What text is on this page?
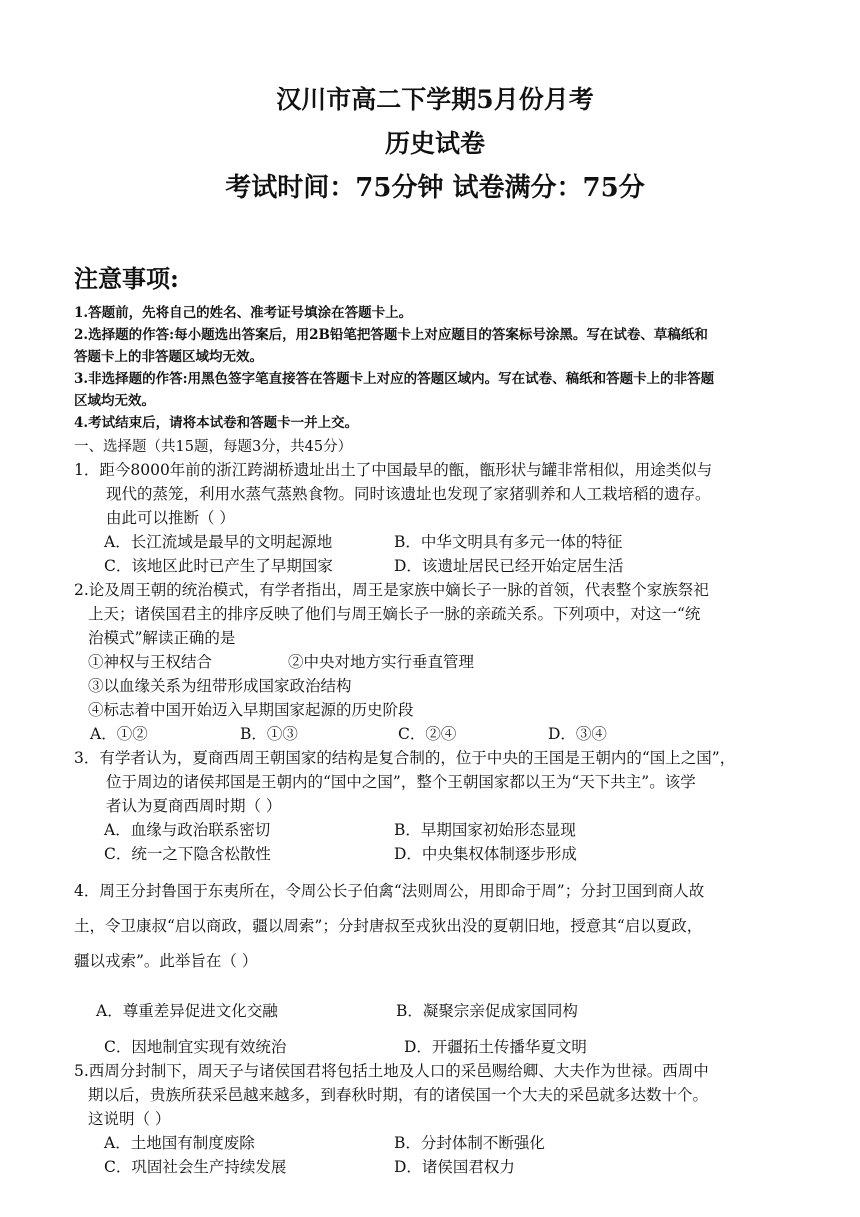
汉川市高二下学期5月份月考

历史试卷

考试时间：75分钟 试卷满分：75分

注意事项:

1.答题前，先将自己的姓名、准考证号填涂在答题卡上。

2.选择题的作答:每小题选出答案后，用2B铅笔把答题卡上对应题目的答案标号涂黑。写在试卷、草稿纸和

答题卡上的非答题区域均无效。

3.非选择题的作答:用黑色签字笔直接答在答题卡上对应的答题区域内。写在试卷、稿纸和答题卡上的非答题

区域均无效。

4.考试结束后，请将本试卷和答题卡一并上交。

一、选择题（共15题，每题3分，共45分）

1．距今8000年前的浙江跨湖桥遗址出土了中国最早的甑，甑形状与罐非常相似，用途类似与
现代的蒸笼，利用水蒸气蒸熟食物。同时该遗址也发现了家猪驯养和人工栽培稻的遗存。
由此可以推断（ ）
A．长江流域是最早的文明起源地	B．中华文明具有多元一体的特征
C．该地区此时已产生了早期国家	D．该遗址居民已经开始定居生活
2.论及周王朝的统治模式，有学者指出，周王是家族中嫡长子一脉的首领，代表整个家族祭祀
上天；诸侯国君主的排序反映了他们与周王嫡长子一脉的亲疏关系。下列项中，对这一“统
治模式”解读正确的是
①神权与王权结合	②中央对地方实行垂直管理
③以血缘关系为纽带形成国家政治结构
④标志着中国开始迈入早期国家起源的历史阶段
A．①②	B．①③	C．②④	D．③④
3．有学者认为，夏商西周王朝国家的结构是复合制的，位于中央的王国是王朝内的“国上之国”，
位于周边的诸侯邦国是王朝内的“国中之国”，整个王朝国家都以王为“天下共主”。该学
者认为夏商西周时期（ ）
A．血缘与政治联系密切	B．早期国家初始形态显现
C．统一之下隐含松散性	D．中央集权体制逐步形成
4．周王分封鲁国于东夷所在，令周公长子伯禽“法则周公，用即命于周”；分封卫国到商人故
土，令卫康叔“启以商政，疆以周索”；分封唐叔至戎狄出没的夏朝旧地，授意其“启以夏政，
疆以戎索”。此举旨在（ ）
A．尊重差异促进文化交融	B．凝聚宗亲促成家国同构
C．因地制宜实现有效统治	D．开疆拓土传播华夏文明
5.西周分封制下，周天子与诸侯国君将包括土地及人口的采邑赐给卿、大夫作为世禄。西周中
期以后，贵族所获采邑越来越多，到春秋时期，有的诸侯国一个大夫的采邑就多达数十个。
这说明（ ）
A．土地国有制度废除	B．分封体制不断强化
C．巩固社会生产持续发展	D．诸侯国君权力
